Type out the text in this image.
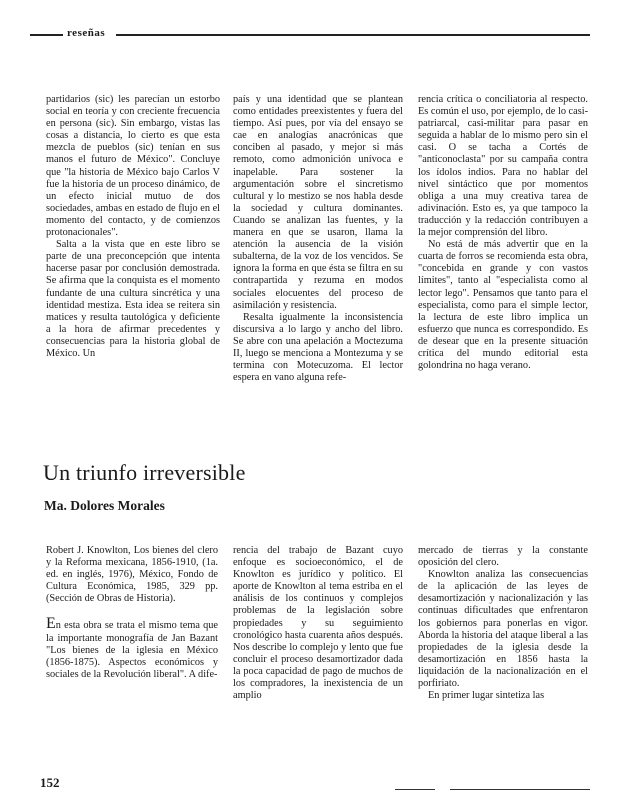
reseñas

partidarios (sic) les parecían un estorbo social en teoría y con creciente frecuencia en persona (sic). Sin embargo, vistas las cosas a distancia, lo cierto es que esta mezcla de pueblos (sic) tenían en sus manos el futuro de México". Concluye que "la historia de México bajo Carlos V fue la historia de un proceso dinámico, de un efecto inicial mutuo de dos sociedades, ambas en estado de flujo en el momento del contacto, y de comienzos protonacionales".

Salta a la vista que en este libro se parte de una preconcepción que intenta hacerse pasar por conclusión demostrada. Se afirma que la conquista es el momento fundante de una cultura sincrética y una identidad mestiza. Esta idea se reitera sin matices y resulta tautológica y deficiente a la hora de afirmar precedentes y consecuencias para la historia global de México. Un

país y una identidad que se plantean como entidades preexistentes y fuera del tiempo. Así pues, por vía del ensayo se cae en analogías anacrónicas que conciben al pasado, y mejor si más remoto, como admonición unívoca e inapelable. Para sostener la argumentación sobre el sincretismo cultural y lo mestizo se nos habla desde la sociedad y cultura dominantes. Cuando se analizan las fuentes, y la manera en que se usaron, llama la atención la ausencia de la visión subalterna, de la voz de los vencidos. Se ignora la forma en que ésta se filtra en su contrapartida y rezuma en modos sociales elocuentes del proceso de asimilación y resistencia.

Resalta igualmente la inconsistencia discursiva a lo largo y ancho del libro. Se abre con una apelación a Moctezuma II, luego se menciona a Montezuma y se termina con Motecuzoma. El lector espera en vano alguna refe-

rencia crítica o conciliatoria al respecto. Es común el uso, por ejemplo, de lo casi-patriarcal, casi-militar para pasar en seguida a hablar de lo mismo pero sin el casi. O se tacha a Cortés de "anticonoclasta" por su campaña contra los ídolos indios. Para no hablar del nivel sintáctico que por momentos obliga a una muy creativa tarea de adivinación. Esto es, ya que tampoco la traducción y la redacción contribuyen a la mejor comprensión del libro.

No está de más advertir que en la cuarta de forros se recomienda esta obra, "concebida en grande y con vastos límites", tanto al "especialista como al lector lego". Pensamos que tanto para el especialista, como para el simple lector, la lectura de este libro implica un esfuerzo que nunca es correspondido. Es de desear que en la presente situación crítica del mundo editorial esta golondrina no haga verano.

Un triunfo irreversible
Ma. Dolores Morales

Robert J. Knowlton, Los bienes del clero y la Reforma mexicana, 1856-1910, (1a. ed. en inglés, 1976), México, Fondo de Cultura Económica, 1985, 329 pp. (Sección de Obras de Historia).

En esta obra se trata el mismo tema que la importante monografía de Jan Bazant "Los bienes de la iglesia en México (1856-1875). Aspectos económicos y sociales de la Revolución liberal". A dife-

rencia del trabajo de Bazant cuyo enfoque es socioeconómico, el de Knowlton es jurídico y político. El aporte de Knowlton al tema estriba en el análisis de los continuos y complejos problemas de la legislación sobre propiedades y su seguimiento cronológico hasta cuarenta años después. Nos describe lo complejo y lento que fue concluir el proceso desamortizador dada la poca capacidad de pago de muchos de los compradores, la inexistencia de un amplio

mercado de tierras y la constante oposición del clero.

Knowlton analiza las consecuencias de la aplicación de las leyes de desamortización y nacionalización y las continuas dificultades que enfrentaron los gobiernos para ponerlas en vigor. Aborda la historia del ataque liberal a las propiedades de la iglesia desde la desamortización en 1856 hasta la liquidación de la nacionalización en el porfiriato.

En primer lugar sintetiza las

152
